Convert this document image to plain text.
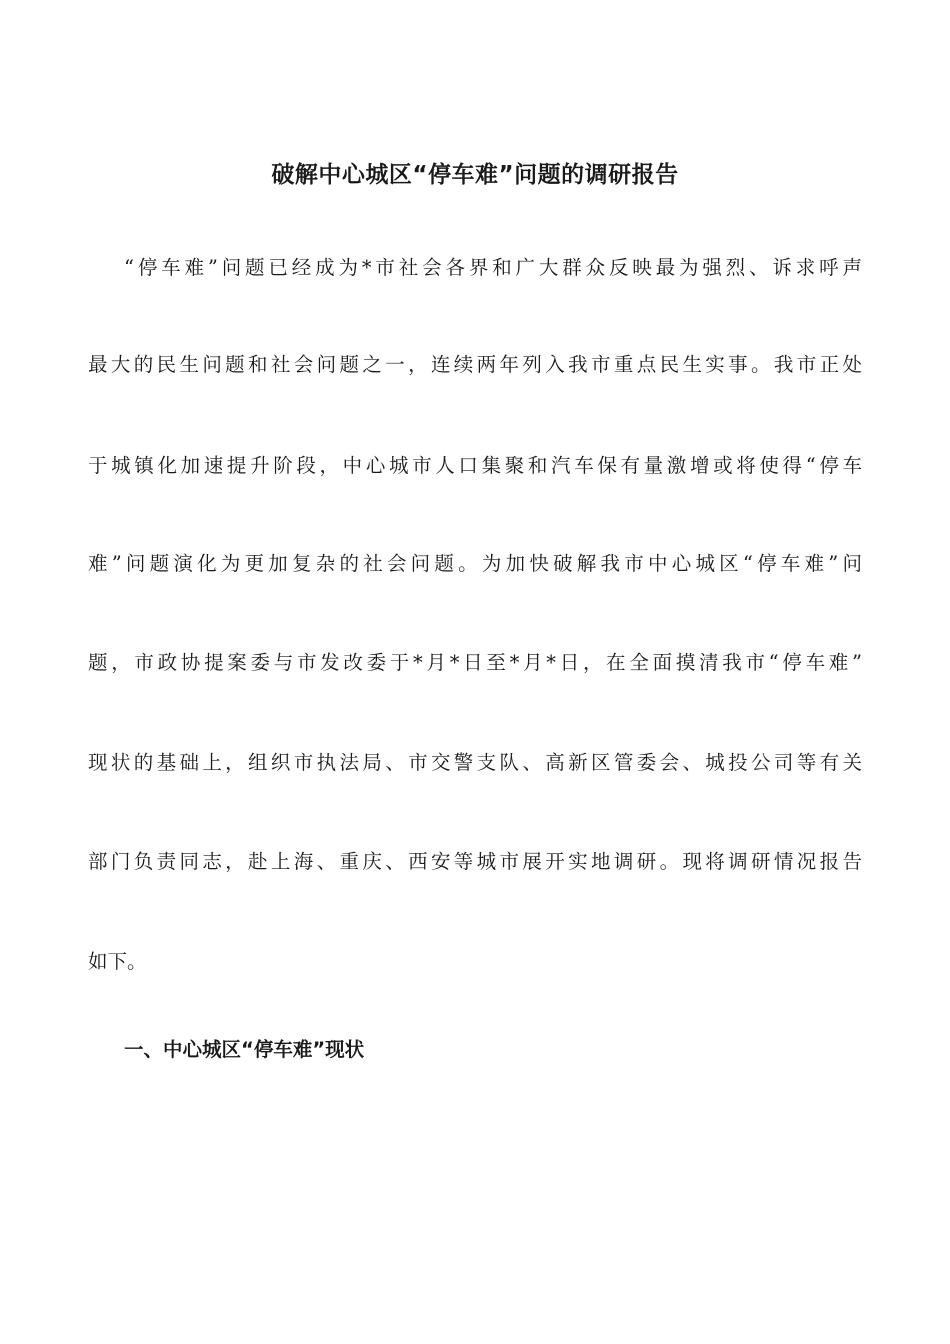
破解中心城区“停车难”问题的调研报告

“停车难”问题已经成为*市社会各界和广大群众反映最为强烈、诉求呼声

最大的民生问题和社会问题之一，连续两年列入我市重点民生实事。我市正处

于城镇化加速提升阶段，中心城市人口集聚和汽车保有量激增或将使得“停车

难”问题演化为更加复杂的社会问题。为加快破解我市中心城区“停车难”问

题，市政协提案委与市发改委于*月*日至*月*日，在全面摸清我市“停车难”

现状的基础上，组织市执法局、市交警支队、高新区管委会、城投公司等有关

部门负责同志，赴上海、重庆、西安等城市展开实地调研。现将调研情况报告

如下。

一、中心城区“停车难”现状
